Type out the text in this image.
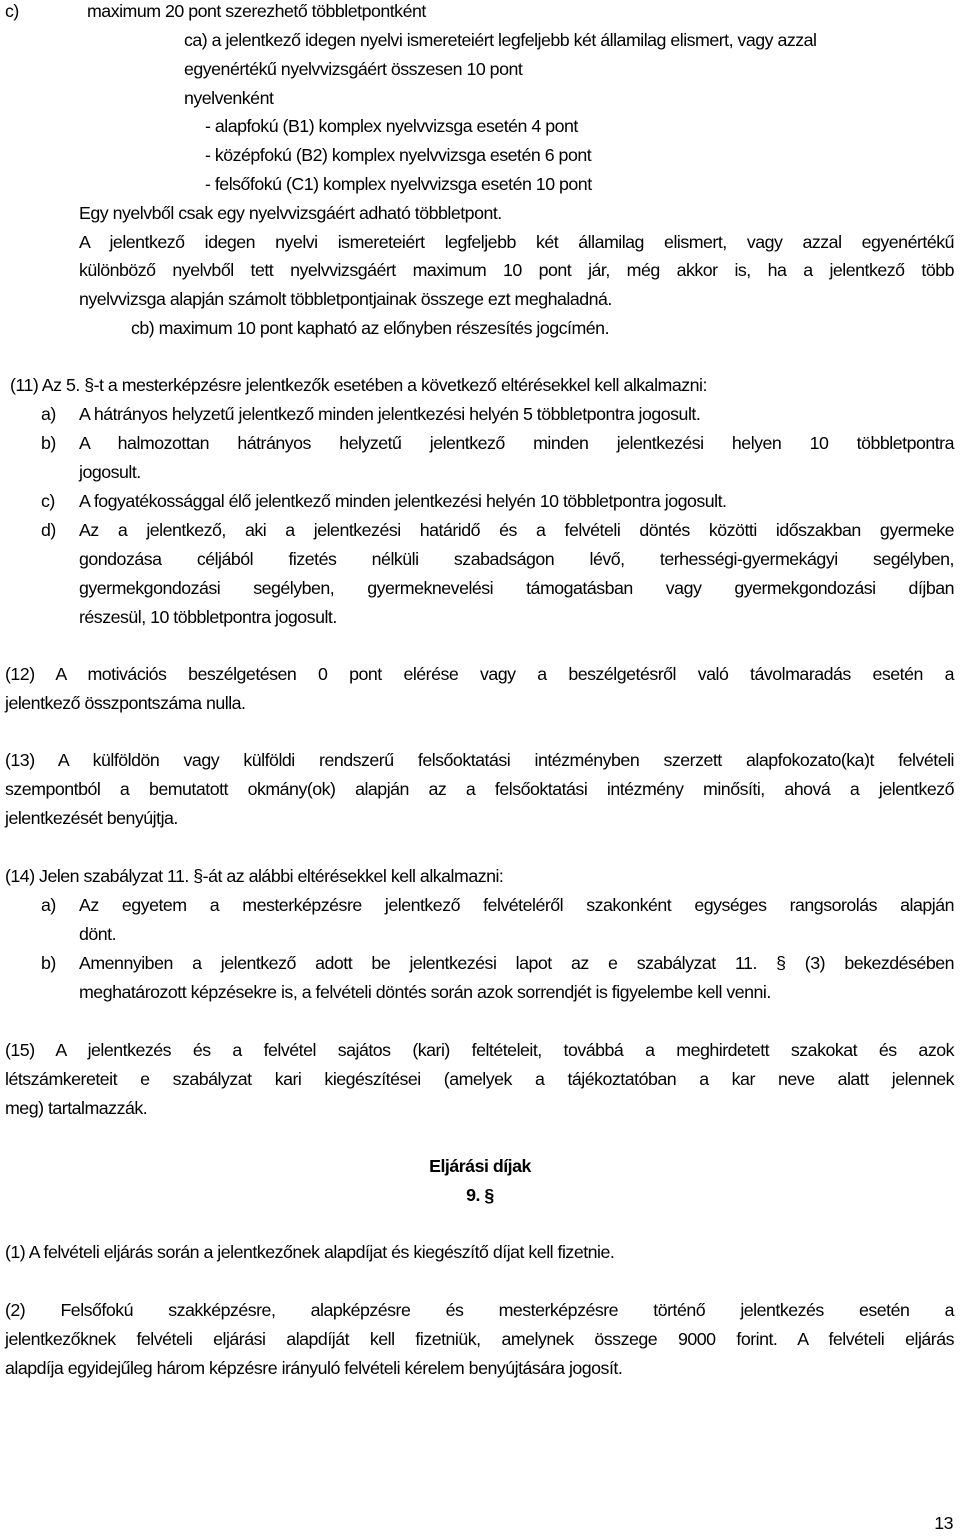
c)	maximum 20 pont szerezhető többletpontként
ca) a jelentkező idegen nyelvi ismereteiért legfeljebb két államilag elismert, vagy azzal
egyenértékű nyelvvizsgáért összesen 10 pont
nyelvenként
- alapfokú (B1) komplex nyelvvizsga esetén 4 pont
- középfokú (B2) komplex nyelvvizsga esetén 6 pont
- felsőfokú (C1) komplex nyelvvizsga esetén 10 pont
Egy nyelvből csak egy nyelvvizsgáért adható többletpont.
A jelentkező idegen nyelvi ismereteiért legfeljebb két államilag elismert, vagy azzal egyenértékű
különböző nyelvből tett nyelvvizsgáért maximum 10 pont jár, még akkor is, ha a jelentkező több
nyelvvizsga alapján számolt többletpontjainak összege ezt meghaladná.
cb) maximum 10 pont kapható az előnyben részesítés jogcímén.
(11) Az 5. §-t a mesterképzésre jelentkezők esetében a következő eltérésekkel kell alkalmazni:
a) A hátrányos helyzetű jelentkező minden jelentkezési helyén 5 többletpontra jogosult.
b) A halmozottan hátrányos helyzetű jelentkező minden jelentkezési helyen 10 többletpontra
jogosult.
c) A fogyatékossággal élő jelentkező minden jelentkezési helyén 10 többletpontra jogosult.
d) Az a jelentkező, aki a jelentkezési határidő és a felvételi döntés közötti időszakban gyermeke
gondozása céljából fizetés nélküli szabadságon lévő, terhességi-gyermekágyi segélyben,
gyermekgondozási segélyben, gyermeknevelési támogatásban vagy gyermekgondozási díjban
részesül, 10 többletpontra jogosult.
(12) A motivációs beszélgetésen 0 pont elérése vagy a beszélgetésről való távolmaradás esetén a
jelentkező összpontszáma nulla.
(13) A külföldön vagy külföldi rendszerű felsőoktatási intézményben szerzett alapfokozato(ka)t felvételi
szempontból a bemutatott okmány(ok) alapján az a felsőoktatási intézmény minősíti, ahová a jelentkező
jelentkezését benyújtja.
(14) Jelen szabályzat 11. §-át az alábbi eltérésekkel kell alkalmazni:
a) Az egyetem a mesterképzésre jelentkező felvételéről szakonként egységes rangsorolás alapján
dönt.
b) Amennyiben a jelentkező adott be jelentkezési lapot az e szabályzat 11. § (3) bekezdésében
meghatározott képzésekre is, a felvételi döntés során azok sorrendjét is figyelembe kell venni.
(15) A jelentkezés és a felvétel sajátos (kari) feltételeit, továbbá a meghirdetett szakokat és azok
létszámkereteit e szabályzat kari kiegészítései (amelyek a tájékoztatóban a kar neve alatt jelennek
meg) tartalmazzák.
Eljárási díjak
9. §
(1) A felvételi eljárás során a jelentkezőnek alapdíjat és kiegészítő díjat kell fizetnie.
(2) Felsőfokú szakképzésre, alapképzésre és mesterképzésre történő jelentkezés esetén a
jelentkezőknek felvételi eljárási alapdíját kell fizetniük, amelynek összege 9000 forint. A felvételi eljárás
alapdíja egyidejűleg három képzésre irányuló felvételi kérelem benyújtására jogosít.
13
